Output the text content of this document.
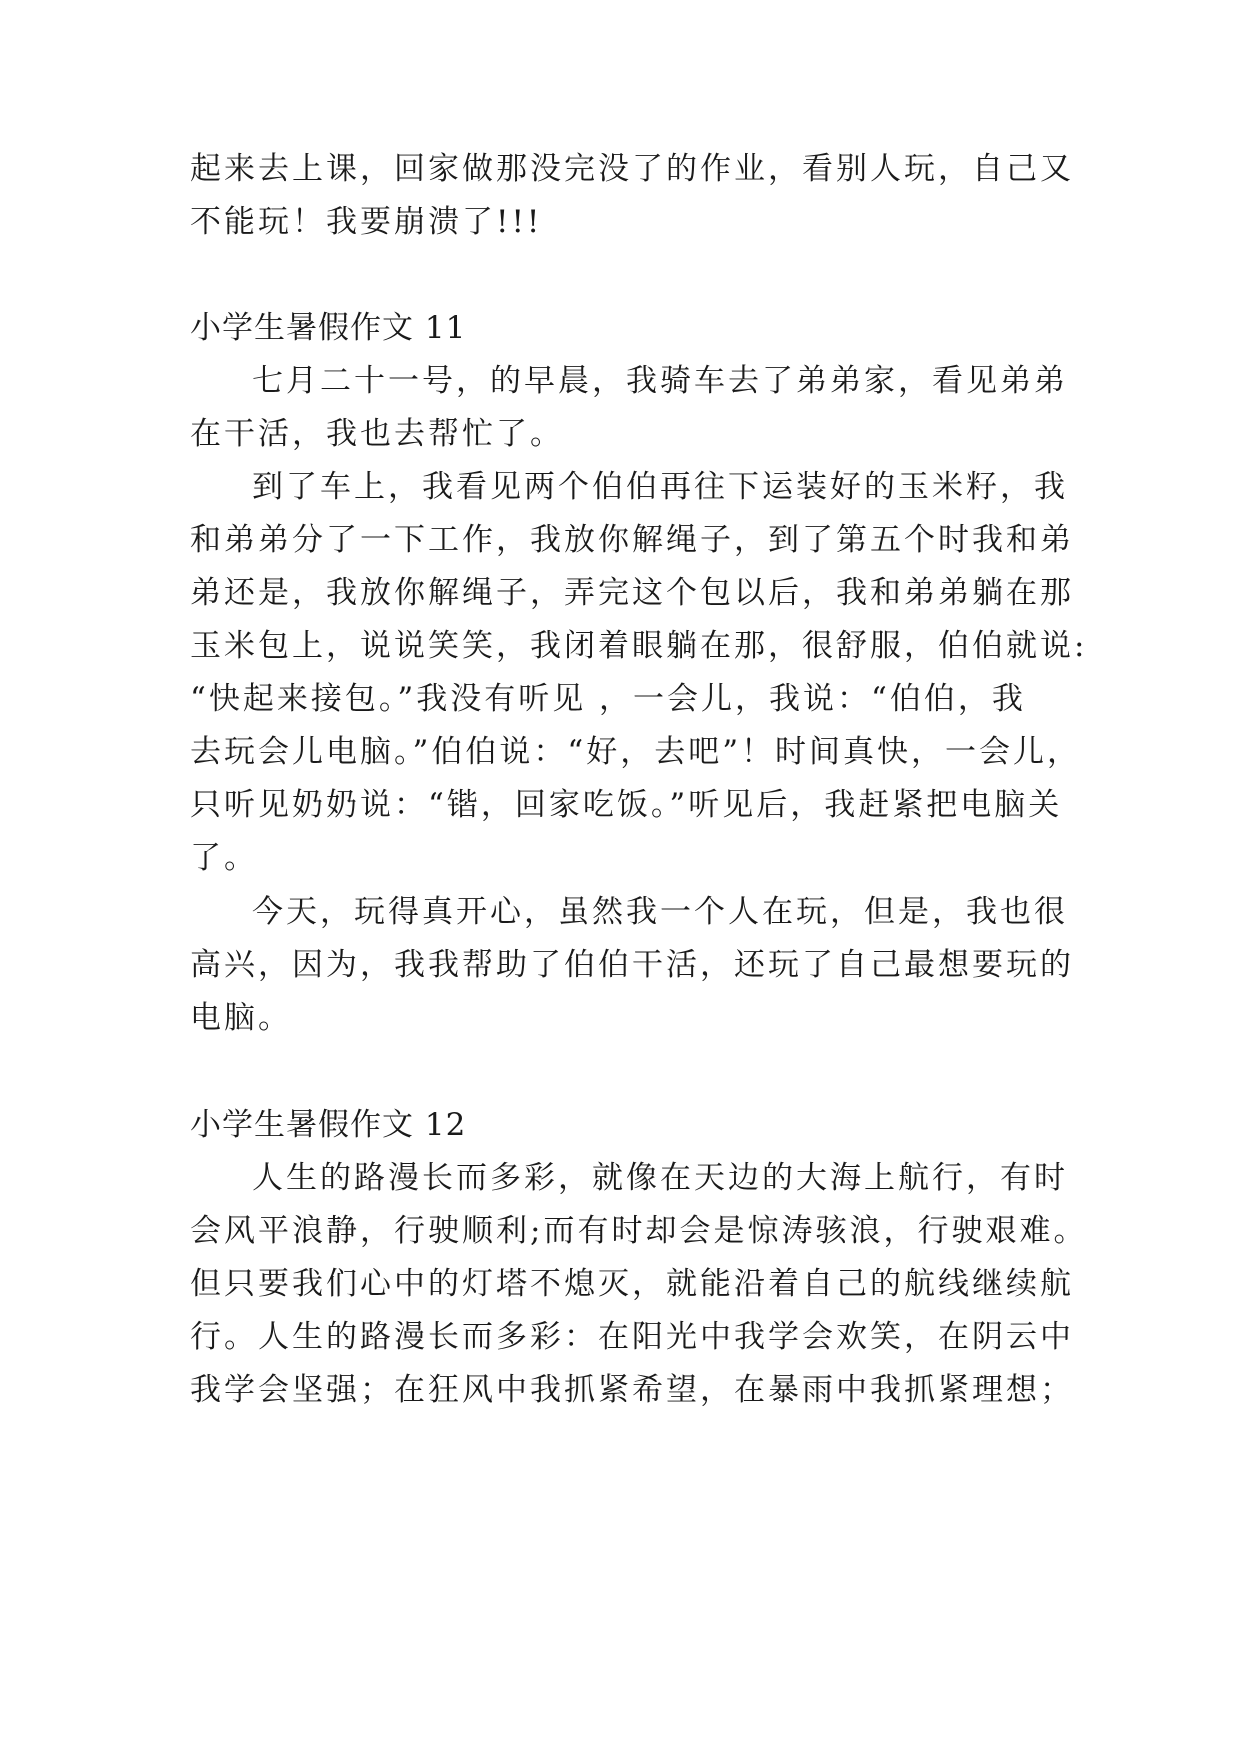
起来去上课，回家做那没完没了的作业，看别人玩，自己又
不能玩！我要崩溃了!!!
小学生暑假作文 11
七月二十一号，的早晨，我骑车去了弟弟家，看见弟弟
在干活，我也去帮忙了。
到了车上，我看见两个伯伯再往下运装好的玉米籽，我
和弟弟分了一下工作，我放你解绳子，到了第五个时我和弟
弟还是，我放你解绳子，弄完这个包以后，我和弟弟躺在那
玉米包上，说说笑笑，我闭着眼躺在那，很舒服，伯伯就说:
“快起来接包。”我没有听见 ，一会儿，我说：“伯伯，我
去玩会儿电脑。”伯伯说：“好，去吧”！时间真快，一会儿，
只听见奶奶说：“锴，回家吃饭。”听见后，我赶紧把电脑关
了。
今天，玩得真开心，虽然我一个人在玩，但是，我也很
高兴，因为，我我帮助了伯伯干活，还玩了自己最想要玩的
电脑。
小学生暑假作文 12
人生的路漫长而多彩，就像在天边的大海上航行，有时
会风平浪静，行驶顺利;而有时却会是惊涛骇浪，行驶艰难。
但只要我们心中的灯塔不熄灭，就能沿着自己的航线继续航
行。人生的路漫长而多彩：在阳光中我学会欢笑，在阴云中
我学会坚强；在狂风中我抓紧希望，在暴雨中我抓紧理想；
